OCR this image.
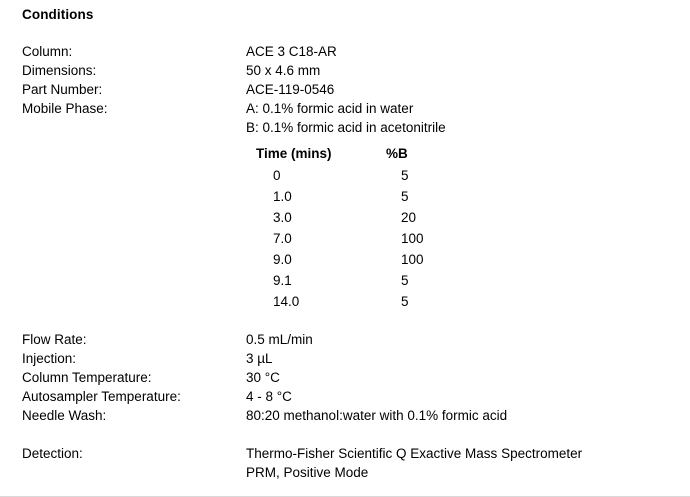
Conditions
Column:	ACE 3 C18-AR
Dimensions:	50 x 4.6 mm
Part Number:	ACE-119-0546
Mobile Phase:	A: 0.1% formic acid in water
B: 0.1% formic acid in acetonitrile
Time (mins)	%B
0	5
1.0	5
3.0	20
7.0	100
9.0	100
9.1	5
14.0	5
Flow Rate:	0.5 mL/min
Injection:	3 µL
Column Temperature:	30 °C
Autosampler Temperature:	4 - 8 °C
Needle Wash:	80:20 methanol:water with 0.1% formic acid
Detection:	Thermo-Fisher Scientific Q Exactive Mass Spectrometer
PRM, Positive Mode
